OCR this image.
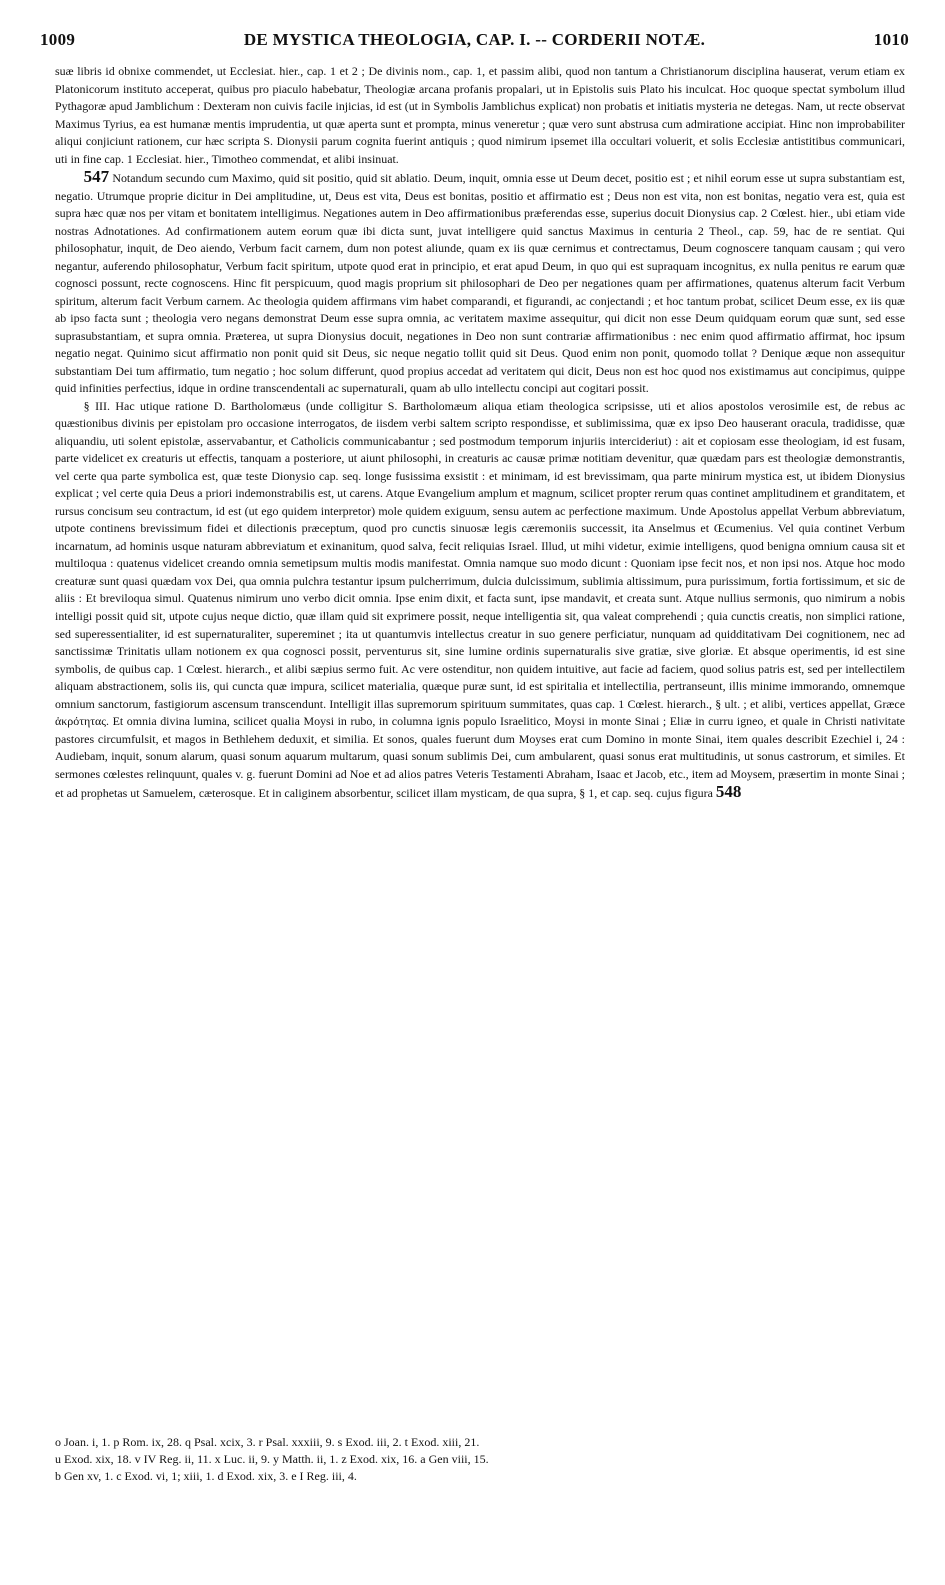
1009	DE MYSTICA THEOLOGIA, CAP. I. -- CORDERII NOTÆ.	1010

suæ libris id obnixe commendet, ut Ecclesiat. hier., cap. 1 et 2 ; De divinis nom., cap. 1, et passim alibi, quod non tantum a Christianorum disciplina hauserat, verum etiam ex Platonicorum instituto acceperat, quibus pro piaculo habebatur, Theologiæ arcana profanis propalari, ut in Epistolis suis Plato his inculcat. Hoc quoque spectat symbolum illud Pythagoræ apud Jamblichum : Dexteram non cuivis facile injicias, id est (ut in Symbolis Jamblichus explicat) non probatis et initiatis mysteria ne detegas. Nam, ut recte observat Maximus Tyrius, ea est humanæ mentis imprudentia, ut quæ aperta sunt et prompta, minus veneretur ; quæ vero sunt abstrusa cum admiratione accipiat. Hinc non improbabiliter aliqui conjiciunt rationem, cur hæc scripta S. Dionysii parum cognita fuerint antiquis ; quod nimirum ipsemet illa occultari voluerit, et solis Ecclesiæ antistitibus communicari, uti in fine cap. 1 Ecclesiat. hier., Timotheo commendat, et alibi insinuat.

547 Notandum secundo cum Maximo, quid sit positio, quid sit ablatio. Deum, inquit, omnia esse ut Deum decet, positio est ; et nihil eorum esse ut supra substantiam est, negatio. Utrumque proprie dicitur in Dei amplitudine, ut, Deus est vita, Deus est bonitas, positio et affirmatio est ; Deus non est vita, non est bonitas, negatio vera est, quia est supra hæc quæ nos per vitam et bonitatem intelligimus. Negationes autem in Deo affirmationibus præferendas esse, superius docuit Dionysius cap. 2 Cœlest. hier., ubi etiam vide nostras Adnotationes. Ad confirmationem autem eorum quæ ibi dicta sunt, juvat intelligere quid sanctus Maximus in centuria 2 Theol., cap. 59, hac de re sentiat. Qui philosophatur, inquit, de Deo aiendo, Verbum facit carnem, dum non potest aliunde, quam ex iis quæ cernimus et contrectamus, Deum cognoscere tanquam causam ; qui vero negantur, auferendo philosophatur, Verbum facit spiritum, utpote quod erat in principio, et erat apud Deum, in quo qui est supraquam incognitus, ex nulla penitus re earum quæ cognosci possunt, recte cognoscens. Hinc fit perspicuum, quod magis proprium sit philosophari de Deo per negationes quam per affirmationes, quatenus alterum facit Verbum spiritum, alterum facit Verbum carnem. Ac theologia quidem affirmans vim habet comparandi, et figurandi, ac conjectandi ; et hoc tantum probat, scilicet Deum esse, ex iis quæ ab ipso facta sunt ; theologia vero negans demonstrat Deum esse supra omnia, ac veritatem maxime assequitur, qui dicit non esse Deum quidquam eorum quæ sunt, sed esse suprasubstantiam, et supra omnia. Præterea, ut supra Dionysius docuit, negationes in Deo non sunt contrariæ affirmationibus : nec enim quod affirmatio affirmat, hoc ipsum negatio negat. Quinimo sicut affirmatio non ponit quid sit Deus, sic neque negatio tollit quid sit Deus. Quod enim non ponit, quomodo tollat ? Denique æque non assequitur substantiam Dei tum affirmatio, tum negatio ; hoc solum differunt, quod propius accedat ad veritatem qui dicit, Deus non est hoc quod nos existimamus aut concipimus, quippe quid infinities perfectius, idque in ordine transcendentali ac supernaturali, quam ab ullo intellectu concipi aut cogitari possit.

§ III. Hac utique ratione D. Bartholomæus (unde colligitur S. Bartholomæum aliqua etiam theologica scripsisse, uti et alios apostolos verosimile est, de rebus ac quæstionibus divinis per epistolam pro occasione interrogatos, de iisdem verbi saltem scripto respondisse, et sublimissima, quæ ex ipso Deo hauserant oracula, tradidisse, quæ aliquandiu, uti solent epistolæ, asservabantur, et Catholicis communicabantur ; sed postmodum temporum injuriis intercideriut) : ait et copiosam esse theologiam, id est fusam, parte videlicet ex creaturis ut effectis, tanquam a posteriore, ut aiunt philosophi, in creaturis ac causæ primæ notitiam devenitur, quæ quædam pars est theologiæ demonstrantis, vel certe qua parte symbolica est, quæ teste Dionysio cap. seq. longe fusissima exsistit : et minimam, id est brevissimam, qua parte minirum mystica est, ut ibidem Dionysius explicat ; vel certe quia Deus a priori indemonstrabilis est, ut carens. Atque Evangelium amplum et magnum, scilicet propter rerum quas continet amplitudinem et granditatem, et rursus concisum seu contractum, id est (ut ego quidem interpretor) mole quidem exiguum, sensu autem ac perfectione maximum. Unde Apostolus appellat Verbum abbreviatum, utpote continens brevissimum fidei et dilectionis præceptum, quod pro cunctis sinuosæ legis cæremoniis successit, ita Anselmus et Œcumenius. Vel quia continet Verbum incarnatum, ad hominis usque naturam abbreviatum et exinanitum, quod salva, fecit reliquias Israel. Illud, ut mihi videtur, eximie intelligens, quod benigna omnium causa sit et multiloqua : quatenus videlicet creando omnia semetipsum multis modis manifestat. Omnia namque suo modo dicunt : Quoniam ipse fecit nos, et non ipsi nos. Atque hoc modo creaturæ sunt quasi quædam vox Dei, qua omnia pulchra testantur ipsum pulcherrimum, dulcia dulcissimum, sublimia altissimum, pura purissimum, fortia fortissimum, et sic de aliis : Et breviloqua simul. Quatenus nimirum uno verbo dicit omnia. Ipse enim dixit, et facta sunt, ipse mandavit, et creata sunt. Atque nullius sermonis, quo nimirum a nobis intelligi possit quid sit, utpote cujus neque dictio, quæ illam quid sit exprimere possit, neque intelligentia sit, qua valeat comprehendi ; quia cunctis creatis, non simplici ratione, sed superessentialiter, id est supernaturaliter, supereminet ; ita ut quantumvis intellectus creatur in suo genere perficiatur, nunquam ad quidditativam Dei cognitionem, nec ad sanctissimæ Trinitatis ullam notionem ex qua cognosci possit, perventurus sit, sine lumine ordinis supernaturalis sive gratiæ, sive gloriæ. Et absque operimentis, id est sine symbolis, de quibus cap. 1 Cœlest. hierarch., et alibi sæpius sermo fuit. Ac vere ostenditur, non quidem intuitive, aut facie ad faciem, quod solius patris est, sed per intellectilem aliquam abstractionem, solis iis, qui cuncta quæ impura, scilicet materialia, quæque puræ sunt, id est spiritalia et intellectilia, pertranseunt, illis minime immorando, omnemque omnium sanctorum, fastigiorum ascensum transcendunt. Intelligit illas supremorum spirituum summitates, quas cap. 1 Cœlest. hierarch., § ult. ; et alibi, vertices appellat, Græce ἀκρότητας. Et omnia divina lumina, scilicet qualia Moysi in rubo, in columna ignis populo Israelitico, Moysi in monte Sinai ; Eliæ in curru igneo, et quale in Christi nativitate pastores circumfulsit, et magos in Bethlehem deduxit, et similia. Et sonos, quales fuerunt dum Moyses erat cum Domino in monte Sinai, item quales describit Ezechiel i, 24 : Audiebam, inquit, sonum alarum, quasi sonum aquarum multarum, quasi sonum sublimis Dei, cum ambularent, quasi sonus erat multitudinis, ut sonus castrorum, et similes. Et sermones cœlestes relinquunt, quales v. g. fuerunt Domini ad Noe et ad alios patres Veteris Testamenti Abraham, Isaac et Jacob, etc., item ad Moysem, præsertim in monte Sinai ; et ad prophetas ut Samuelem, cæterosque. Et in caliginem absorbentur, scilicet illam mysticam, de qua supra, § 1, et cap. seq. cujus figura 548

o Joan. i, 1. p Rom. ix, 28. q Psal. xcix, 3. r Psal. xxxiii, 9. s Exod. iii, 2. t Exod. xiii, 21.
u Exod. xix, 18. v IV Reg. ii, 11. x Luc. ii, 9. y Matth. ii, 1. z Exod. xix, 16. a Gen viii, 15.
b Gen xv, 1. c Exod. vi, 1; xiii, 1. d Exod. xix, 3. e I Reg. iii, 4.
